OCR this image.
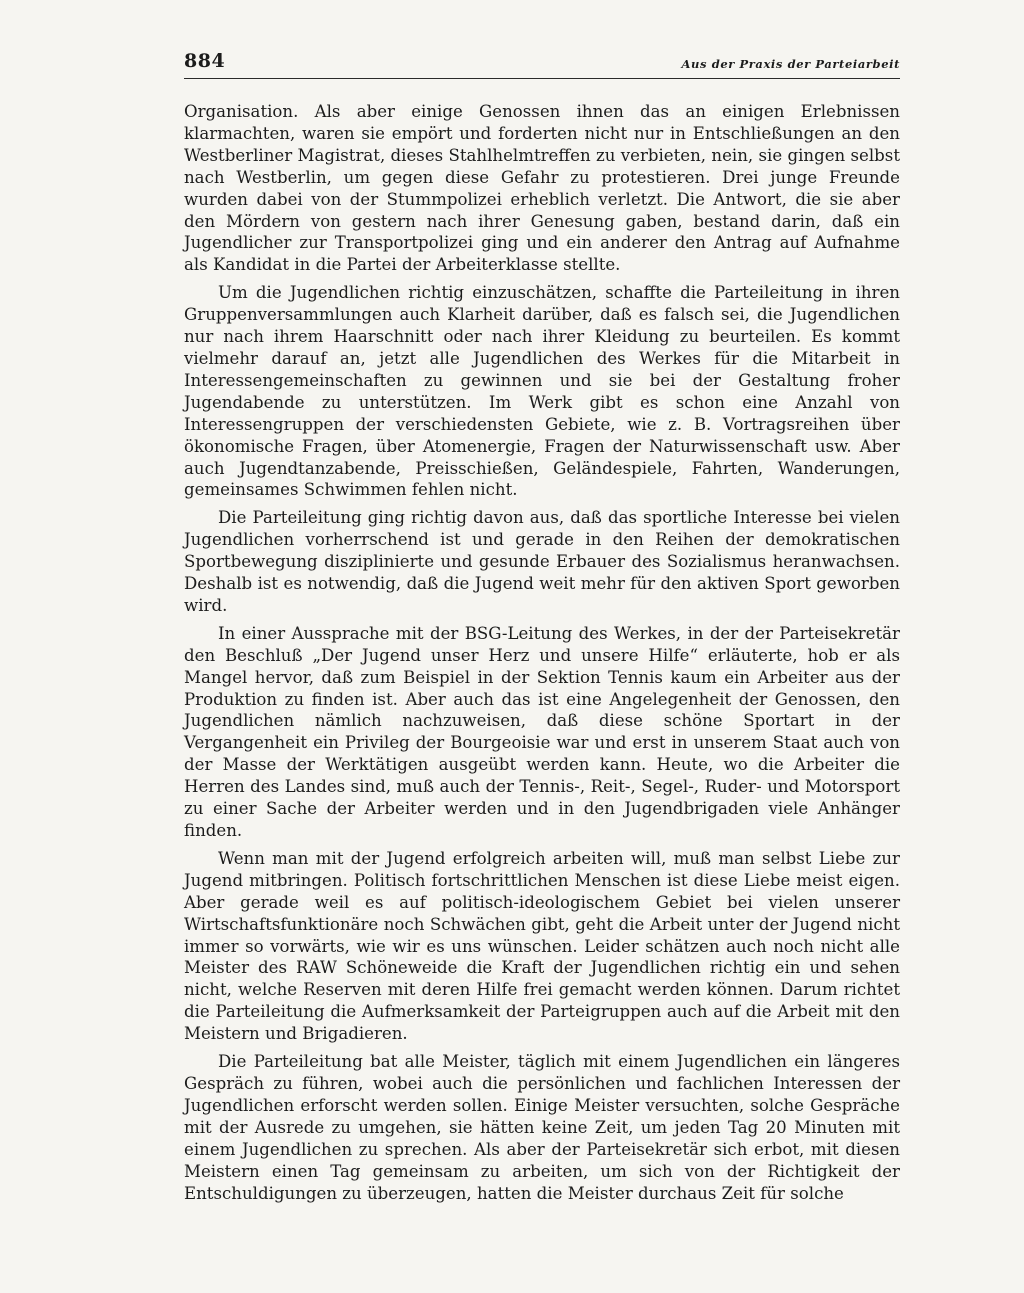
884	Aus der Praxis der Parteiarbeit

Organisation. Als aber einige Genossen ihnen das an einigen Erlebnissen klarmachten, waren sie empört und forderten nicht nur in Entschließungen an den Westberliner Magistrat, dieses Stahlhelmtreffen zu verbieten, nein, sie gingen selbst nach Westberlin, um gegen diese Gefahr zu protestieren. Drei junge Freunde wurden dabei von der Stummpolizei erheblich verletzt. Die Antwort, die sie aber den Mördern von gestern nach ihrer Genesung gaben, bestand darin, daß ein Jugendlicher zur Transportpolizei ging und ein anderer den Antrag auf Aufnahme als Kandidat in die Partei der Arbeiterklasse stellte.

Um die Jugendlichen richtig einzuschätzen, schaffte die Parteileitung in ihren Gruppenversammlungen auch Klarheit darüber, daß es falsch sei, die Jugendlichen nur nach ihrem Haarschnitt oder nach ihrer Kleidung zu beurteilen. Es kommt vielmehr darauf an, jetzt alle Jugendlichen des Werkes für die Mitarbeit in Interessengemeinschaften zu gewinnen und sie bei der Gestaltung froher Jugendabende zu unterstützen. Im Werk gibt es schon eine Anzahl von Interessengruppen der verschiedensten Gebiete, wie z. B. Vortragsreihen über ökonomische Fragen, über Atomenergie, Fragen der Naturwissenschaft usw. Aber auch Jugendtanzabende, Preisschießen, Geländespiele, Fahrten, Wanderungen, gemeinsames Schwimmen fehlen nicht.

Die Parteileitung ging richtig davon aus, daß das sportliche Interesse bei vielen Jugendlichen vorherrschend ist und gerade in den Reihen der demokratischen Sportbewegung disziplinierte und gesunde Erbauer des Sozialismus heranwachsen. Deshalb ist es notwendig, daß die Jugend weit mehr für den aktiven Sport geworben wird.

In einer Aussprache mit der BSG-Leitung des Werkes, in der der Parteisekretär den Beschluß „Der Jugend unser Herz und unsere Hilfe“ erläuterte, hob er als Mangel hervor, daß zum Beispiel in der Sektion Tennis kaum ein Arbeiter aus der Produktion zu finden ist. Aber auch das ist eine Angelegenheit der Genossen, den Jugendlichen nämlich nachzuweisen, daß diese schöne Sportart in der Vergangenheit ein Privileg der Bourgeoisie war und erst in unserem Staat auch von der Masse der Werktätigen ausgeübt werden kann. Heute, wo die Arbeiter die Herren des Landes sind, muß auch der Tennis-, Reit-, Segel-, Ruder- und Motorsport zu einer Sache der Arbeiter werden und in den Jugendbrigaden viele Anhänger finden.

Wenn man mit der Jugend erfolgreich arbeiten will, muß man selbst Liebe zur Jugend mitbringen. Politisch fortschrittlichen Menschen ist diese Liebe meist eigen. Aber gerade weil es auf politisch-ideologischem Gebiet bei vielen unserer Wirtschaftsfunktionäre noch Schwächen gibt, geht die Arbeit unter der Jugend nicht immer so vorwärts, wie wir es uns wünschen. Leider schätzen auch noch nicht alle Meister des RAW Schöneweide die Kraft der Jugendlichen richtig ein und sehen nicht, welche Reserven mit deren Hilfe frei gemacht werden können. Darum richtet die Parteileitung die Aufmerksamkeit der Parteigruppen auch auf die Arbeit mit den Meistern und Brigadieren.

Die Parteileitung bat alle Meister, täglich mit einem Jugendlichen ein längeres Gespräch zu führen, wobei auch die persönlichen und fachlichen Interessen der Jugendlichen erforscht werden sollen. Einige Meister versuchten, solche Gespräche mit der Ausrede zu umgehen, sie hätten keine Zeit, um jeden Tag 20 Minuten mit einem Jugendlichen zu sprechen. Als aber der Parteisekretär sich erbot, mit diesen Meistern einen Tag gemeinsam zu arbeiten, um sich von der Richtigkeit der Entschuldigungen zu überzeugen, hatten die Meister durchaus Zeit für solche
